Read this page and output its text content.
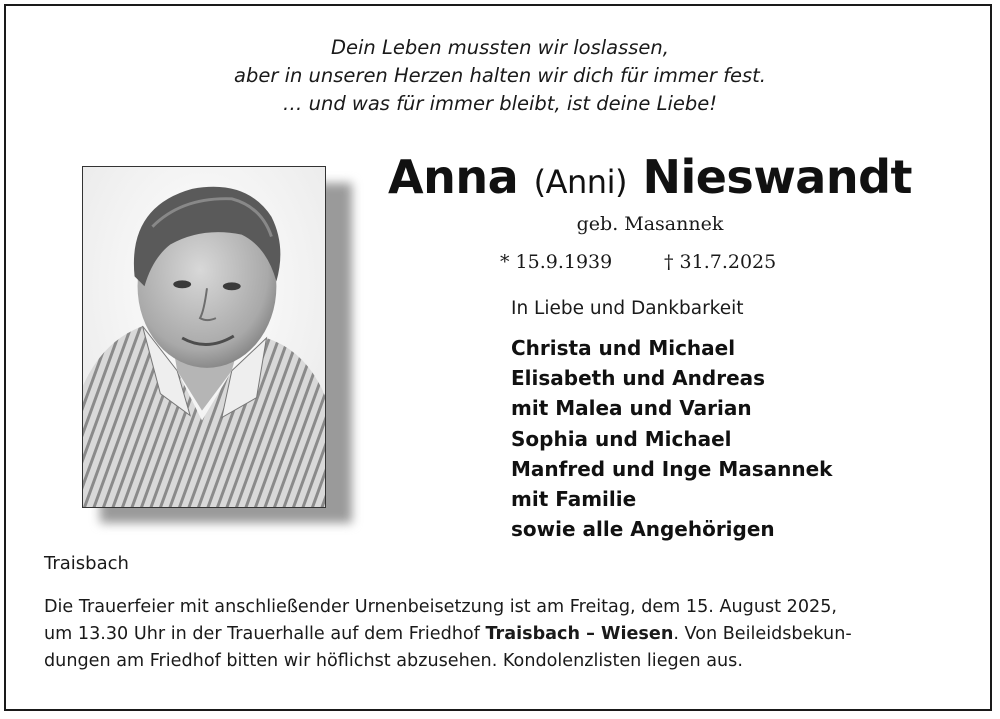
Dein Leben mussten wir loslassen,
aber in unseren Herzen halten wir dich für immer fest.
… und was für immer bleibt, ist deine Liebe!
Anna (Anni) Nieswandt
geb. Masannek
* 15.9.1939	† 31.7.2025
In Liebe und Dankbarkeit
Christa und Michael
Elisabeth und Andreas
mit Malea und Varian
Sophia und Michael
Manfred und Inge Masannek
mit Familie
sowie alle Angehörigen
Traisbach
Die Trauerfeier mit anschließender Urnenbeisetzung ist am Freitag, dem 15. August 2025,
um 13.30 Uhr in der Trauerhalle auf dem Friedhof Traisbach – Wiesen. Von Beileidsbekun-
dungen am Friedhof bitten wir höflichst abzusehen. Kondolenzlisten liegen aus.
